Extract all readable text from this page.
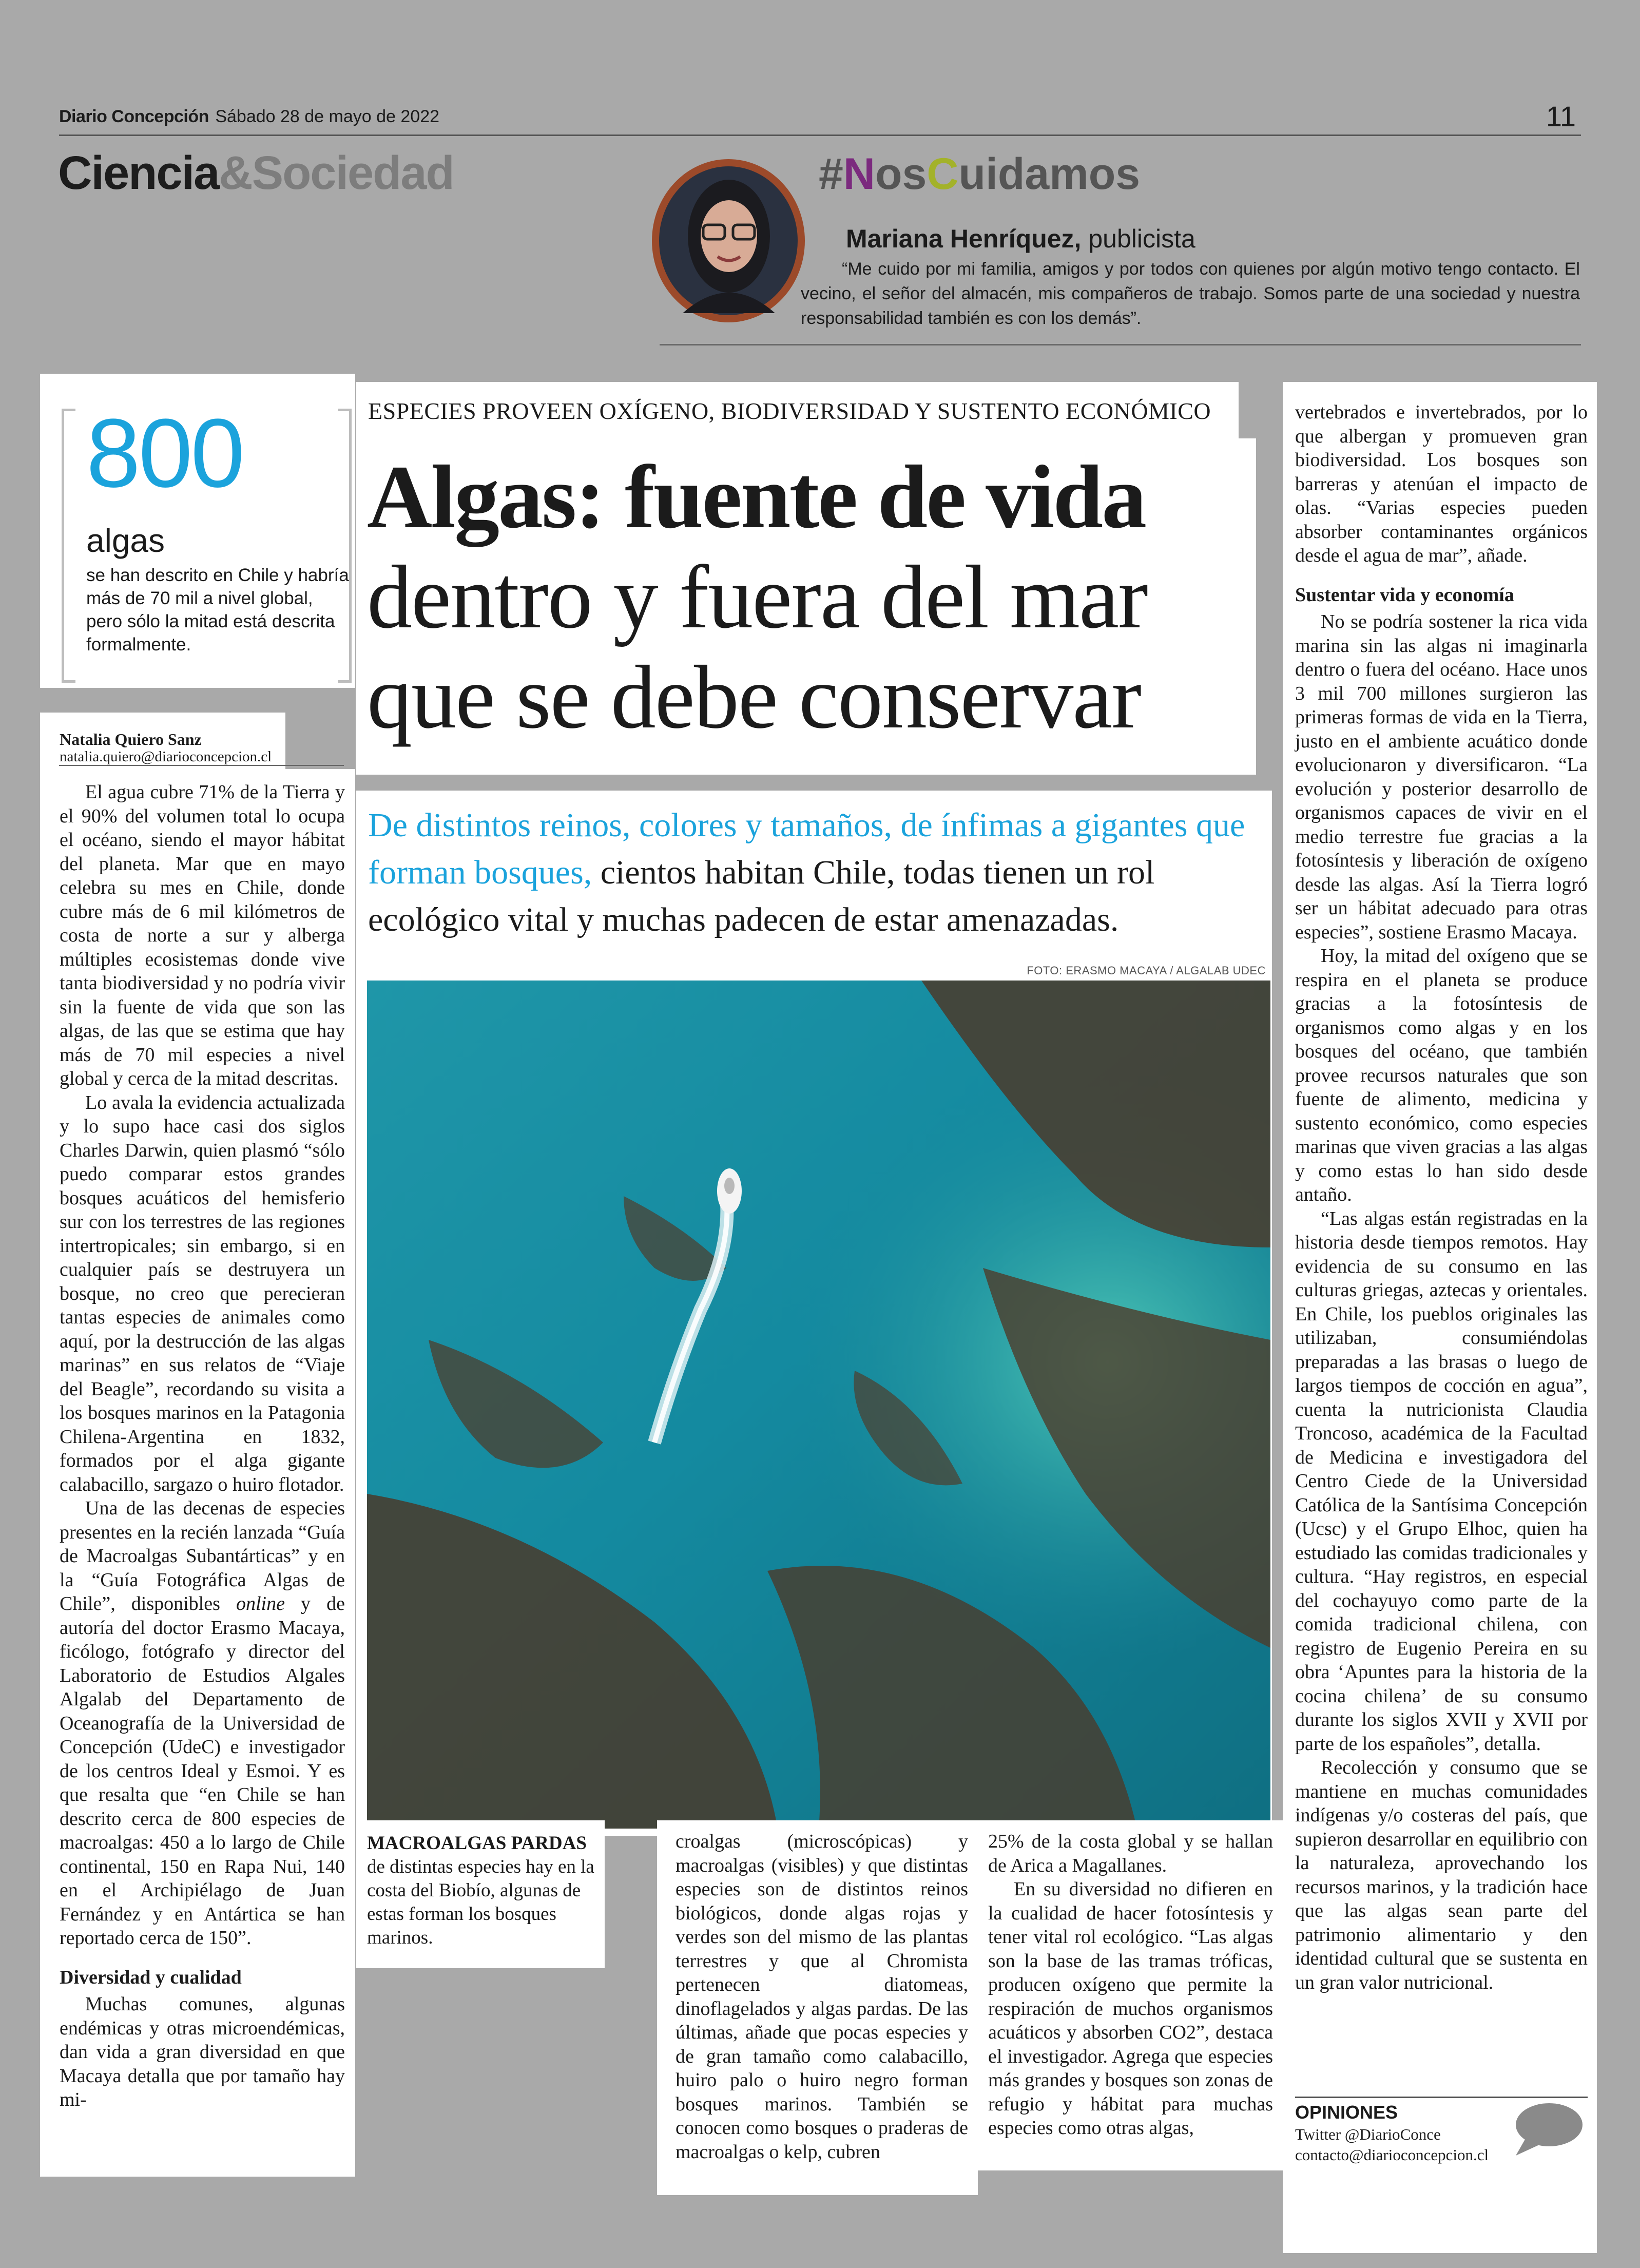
Diario Concepción Sábado 28 de mayo de 2022	11
Ciencia&Sociedad	#NosCuidamos
Mariana Henríquez, publicista
“Me cuido por mi familia, amigos y por todos con quienes por algún motivo tengo contacto. El vecino, el señor del almacén, mis compañeros de trabajo. Somos parte de una sociedad y nuestra responsabilidad también es con los demás”.
800
algas
se han descrito en Chile y habría más de 70 mil a nivel global, pero sólo la mitad está descrita formalmente.
Natalia Quiero Sanz
natalia.quiero@diarioconcepcion.cl

El agua cubre 71% de la Tierra y el 90% del volumen total lo ocupa el océano, siendo el mayor hábitat del planeta. Mar que en mayo celebra su mes en Chile, donde cubre más de 6 mil kilómetros de costa de norte a sur y alberga múltiples ecosistemas donde vive tanta biodiversidad y no podría vivir sin la fuente de vida que son las algas, de las que se estima que hay más de 70 mil especies a nivel global y cerca de la mitad descritas.

Lo avala la evidencia actualizada y lo supo hace casi dos siglos Charles Darwin, quien plasmó “sólo puedo comparar estos grandes bosques acuáticos del hemisferio sur con los terrestres de las regiones intertropicales; sin embargo, si en cualquier país se destruyera un bosque, no creo que perecieran tantas especies de animales como aquí, por la destrucción de las algas marinas” en sus relatos de “Viaje del Beagle”, recordando su visita a los bosques marinos en la Patagonia Chilena-Argentina en 1832, formados por el alga gigante calabacillo, sargazo o huiro flotador.

Una de las decenas de especies presentes en la recién lanzada “Guía de Macroalgas Subantárticas” y en la “Guía Fotográfica Algas de Chile”, disponibles online y de autoría del doctor Erasmo Macaya, ficólogo, fotógrafo y director del Laboratorio de Estudios Algales Algalab del Departamento de Oceanografía de la Universidad de Concepción (UdeC) e investigador de los centros Ideal y Esmoi. Y es que resalta que “en Chile se han descrito cerca de 800 especies de macroalgas: 450 a lo largo de Chile continental, 150 en Rapa Nui, 140 en el Archipiélago de Juan Fernández y en Antártica se han reportado cerca de 150”.

Diversidad y cualidad

Muchas comunes, algunas endémicas y otras microendémicas, dan vida a gran diversidad en que Macaya detalla que por tamaño hay mi-

ESPECIES PROVEEN OXÍGENO, BIODIVERSIDAD Y SUSTENTO ECONÓMICO
Algas: fuente de vida
dentro y fuera del mar
que se debe conservar
De distintos reinos, colores y tamaños, de ínfimas a gigantes que forman bosques, cientos habitan Chile, todas tienen un rol ecológico vital y muchas padecen de estar amenazadas.
FOTO: ERASMO MACAYA / ALGALAB UDEC
MACROALGAS PARDAS de distintas especies hay en la costa del Biobío, algunas de estas forman los bosques marinos.

croalgas (microscópicas) y macroalgas (visibles) y que distintas especies son de distintos reinos biológicos, donde algas rojas y verdes son del mismo de las plantas terrestres y que al Chromista pertenecen diatomeas, dinoflagelados y algas pardas. De las últimas, añade que pocas especies y de gran tamaño como calabacillo, huiro palo o huiro negro forman bosques marinos. También se conocen como bosques o praderas de macroalgas o kelp, cubren

25% de la costa global y se hallan de Arica a Magallanes.

En su diversidad no difieren en la cualidad de hacer fotosíntesis y tener vital rol ecológico. “Las algas son la base de las tramas tróficas, producen oxígeno que permite la respiración de muchos organismos acuáticos y absorben CO2”, destaca el investigador. Agrega que especies más grandes y bosques son zonas de refugio y hábitat para muchas especies como otras algas,

vertebrados e invertebrados, por lo que albergan y promueven gran biodiversidad. Los bosques son barreras y atenúan el impacto de olas. “Varias especies pueden absorber contaminantes orgánicos desde el agua de mar”, añade.

Sustentar vida y economía

No se podría sostener la rica vida marina sin las algas ni imaginarla dentro o fuera del océano. Hace unos 3 mil 700 millones surgieron las primeras formas de vida en la Tierra, justo en el ambiente acuático donde evolucionaron y diversificaron. “La evolución y posterior desarrollo de organismos capaces de vivir en el medio terrestre fue gracias a la fotosíntesis y liberación de oxígeno desde las algas. Así la Tierra logró ser un hábitat adecuado para otras especies”, sostiene Erasmo Macaya.

Hoy, la mitad del oxígeno que se respira en el planeta se produce gracias a la fotosíntesis de organismos como algas y en los bosques del océano, que también provee recursos naturales que son fuente de alimento, medicina y sustento económico, como especies marinas que viven gracias a las algas y como estas lo han sido desde antaño.

“Las algas están registradas en la historia desde tiempos remotos. Hay evidencia de su consumo en las culturas griegas, aztecas y orientales. En Chile, los pueblos originales las utilizaban, consumiéndolas preparadas a las brasas o luego de largos tiempos de cocción en agua”, cuenta la nutricionista Claudia Troncoso, académica de la Facultad de Medicina e investigadora del Centro Ciede de la Universidad Católica de la Santísima Concepción (Ucsc) y el Grupo Elhoc, quien ha estudiado las comidas tradicionales y cultura. “Hay registros, en especial del cochayuyo como parte de la comida tradicional chilena, con registro de Eugenio Pereira en su obra ‘Apuntes para la historia de la cocina chilena’ de su consumo durante los siglos XVII y XVII por parte de los españoles”, detalla.

Recolección y consumo que se mantiene en muchas comunidades indígenas y/o costeras del país, que supieron desarrollar en equilibrio con la naturaleza, aprovechando los recursos marinos, y la tradición hace que las algas sean parte del patrimonio alimentario y den identidad cultural que se sustenta en un gran valor nutricional.

OPINIONES
Twitter @DiarioConce
contacto@diarioconcepcion.cl
